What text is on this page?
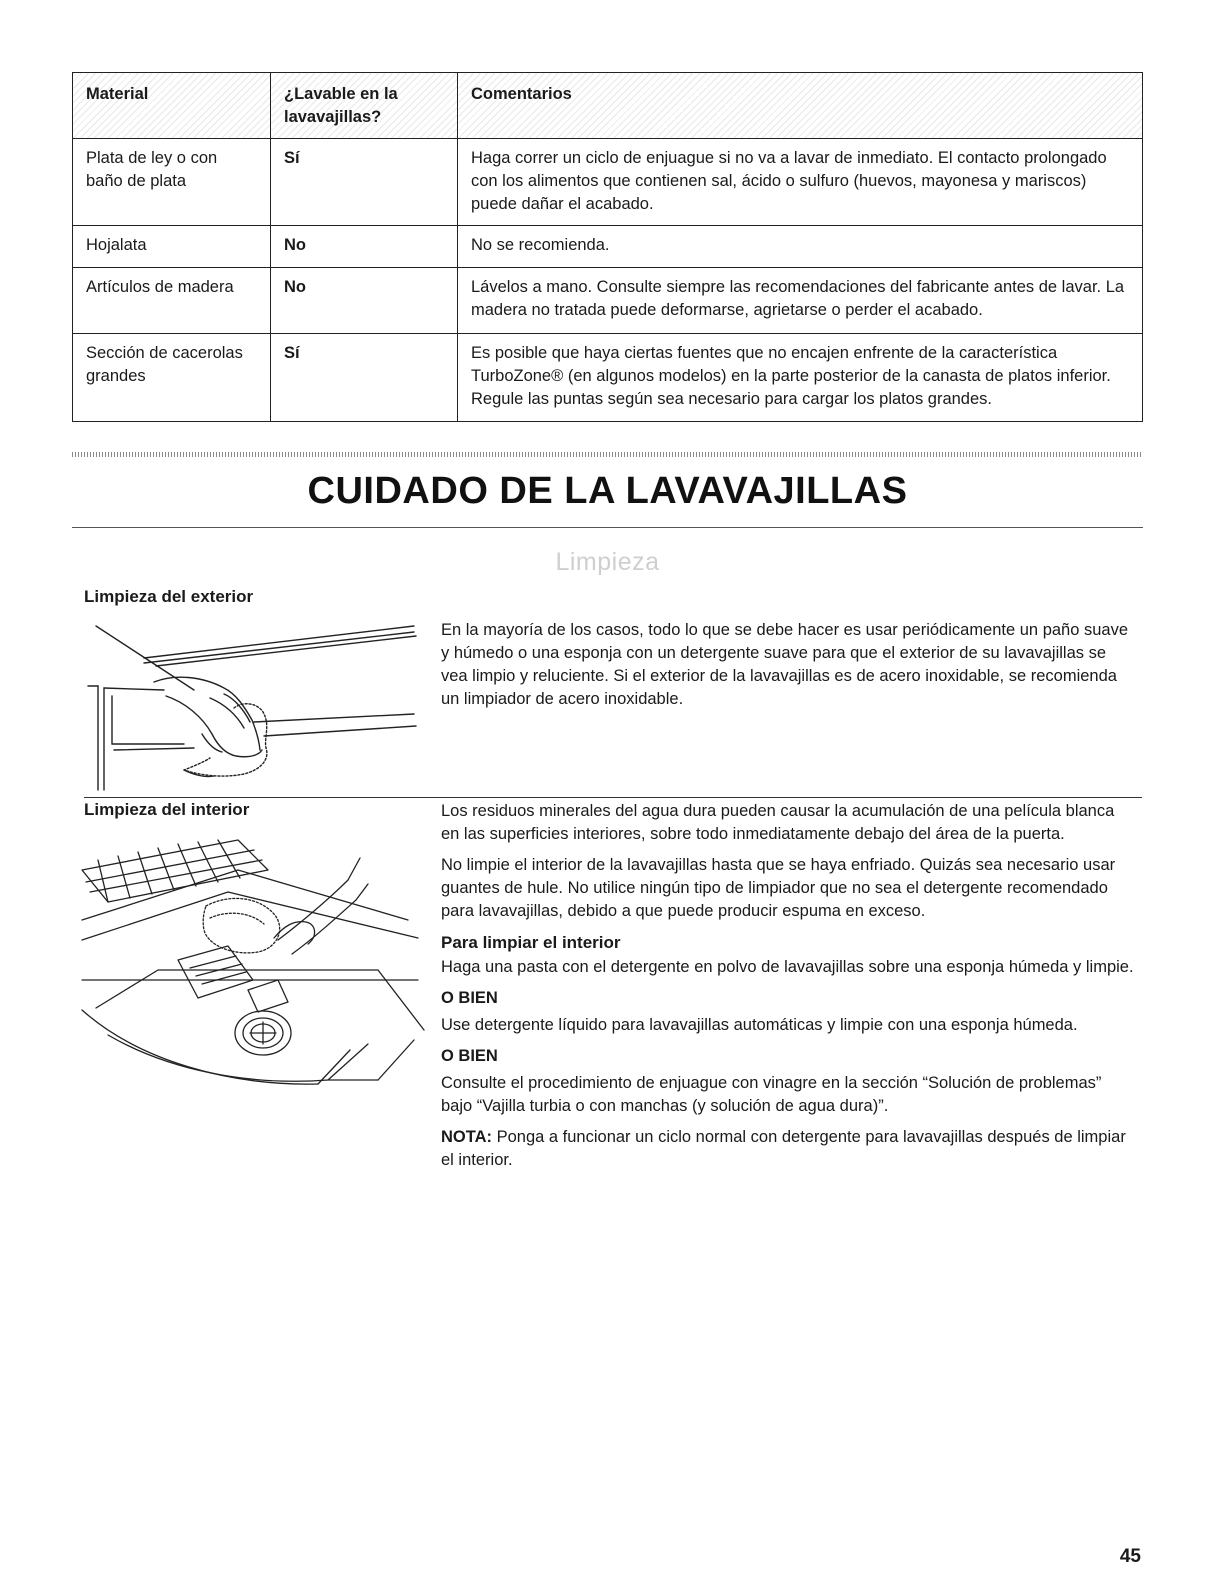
Material	¿Lavable en la lavavajillas?	Comentarios
Plata de ley o con baño de plata	Sí	Haga correr un ciclo de enjuague si no va a lavar de inmediato. El contacto prolongado con los alimentos que contienen sal, ácido o sulfuro (huevos, mayonesa y mariscos) puede dañar el acabado.
Hojalata	No	No se recomienda.
Artículos de madera	No	Lávelos a mano. Consulte siempre las recomendaciones del fabricante antes de lavar. La madera no tratada puede deformarse, agrietarse o perder el acabado.
Sección de cacerolas grandes	Sí	Es posible que haya ciertas fuentes que no encajen enfrente de la característica TurboZone® (en algunos modelos) en la parte posterior de la canasta de platos inferior. Regule las puntas según sea necesario para cargar los platos grandes.
CUIDADO DE LA LAVAVAJILLAS
Limpieza
Limpieza del exterior

En la mayoría de los casos, todo lo que se debe hacer es usar periódicamente un paño suave y húmedo o una esponja con un detergente suave para que el exterior de su lavavajillas se vea limpio y reluciente. Si el exterior de la lavavajillas es de acero inoxidable, se recomienda un limpiador de acero inoxidable.

Limpieza del interior	Los residuos minerales del agua dura pueden causar la acumulación de una película blanca en las superficies interiores, sobre todo inmediatamente debajo del área de la puerta.

No limpie el interior de la lavavajillas hasta que se haya enfriado. Quizás sea necesario usar guantes de hule. No utilice ningún tipo de limpiador que no sea el detergente recomendado para lavavajillas, debido a que puede producir espuma en exceso.

Para limpiar el interior

Haga una pasta con el detergente en polvo de lavavajillas sobre una esponja húmeda y limpie.

O BIEN

Use detergente líquido para lavavajillas automáticas y limpie con una esponja húmeda.

O BIEN

Consulte el procedimiento de enjuague con vinagre en la sección “Solución de problemas” bajo “Vajilla turbia o con manchas (y solución de agua dura)”.

NOTA: Ponga a funcionar un ciclo normal con detergente para lavavajillas después de limpiar el interior.

45
